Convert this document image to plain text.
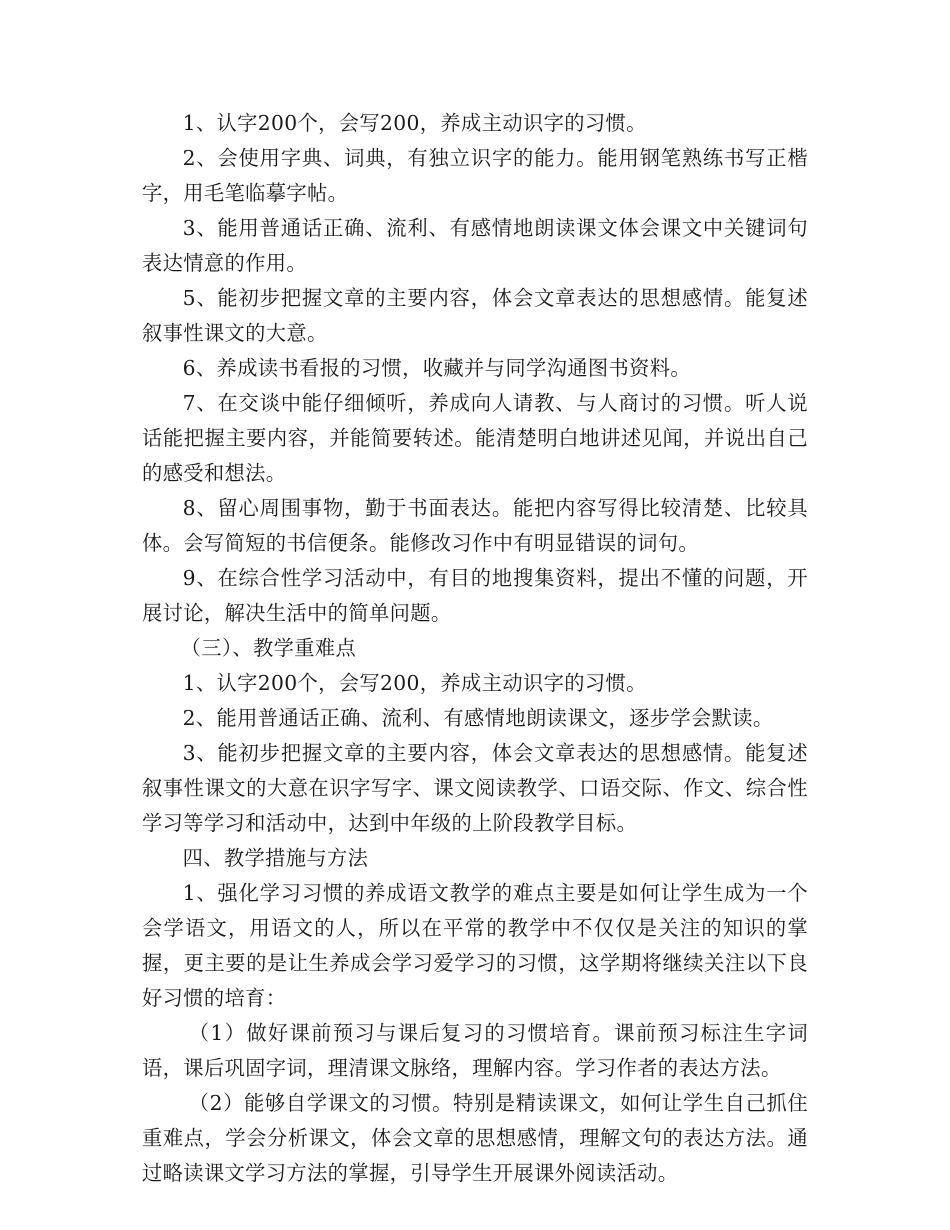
1、认字200个，会写200，养成主动识字的习惯。

2、会使用字典、词典，有独立识字的能力。能用钢笔熟练书写正楷字，用毛笔临摹字帖。

3、能用普通话正确、流利、有感情地朗读课文体会课文中关键词句表达情意的作用。

5、能初步把握文章的主要内容，体会文章表达的思想感情。能复述叙事性课文的大意。

6、养成读书看报的习惯，收藏并与同学沟通图书资料。

7、在交谈中能仔细倾听，养成向人请教、与人商讨的习惯。听人说话能把握主要内容，并能简要转述。能清楚明白地讲述见闻，并说出自己的感受和想法。

8、留心周围事物，勤于书面表达。能把内容写得比较清楚、比较具体。会写简短的书信便条。能修改习作中有明显错误的词句。

9、在综合性学习活动中，有目的地搜集资料，提出不懂的问题，开展讨论，解决生活中的简单问题。

（三）、教学重难点

1、认字200个，会写200，养成主动识字的习惯。

2、能用普通话正确、流利、有感情地朗读课文，逐步学会默读。

3、能初步把握文章的主要内容，体会文章表达的思想感情。能复述叙事性课文的大意在识字写字、课文阅读教学、口语交际、作文、综合性学习等学习和活动中，达到中年级的上阶段教学目标。

四、教学措施与方法

1、强化学习习惯的养成语文教学的难点主要是如何让学生成为一个会学语文，用语文的人，所以在平常的教学中不仅仅是关注的知识的掌握，更主要的是让生养成会学习爱学习的习惯，这学期将继续关注以下良好习惯的培育：

（1）做好课前预习与课后复习的习惯培育。课前预习标注生字词语，课后巩固字词，理清课文脉络，理解内容。学习作者的表达方法。

（2）能够自学课文的习惯。特别是精读课文，如何让学生自己抓住重难点，学会分析课文，体会文章的思想感情，理解文句的表达方法。通过略读课文学习方法的掌握，引导学生开展课外阅读活动。
